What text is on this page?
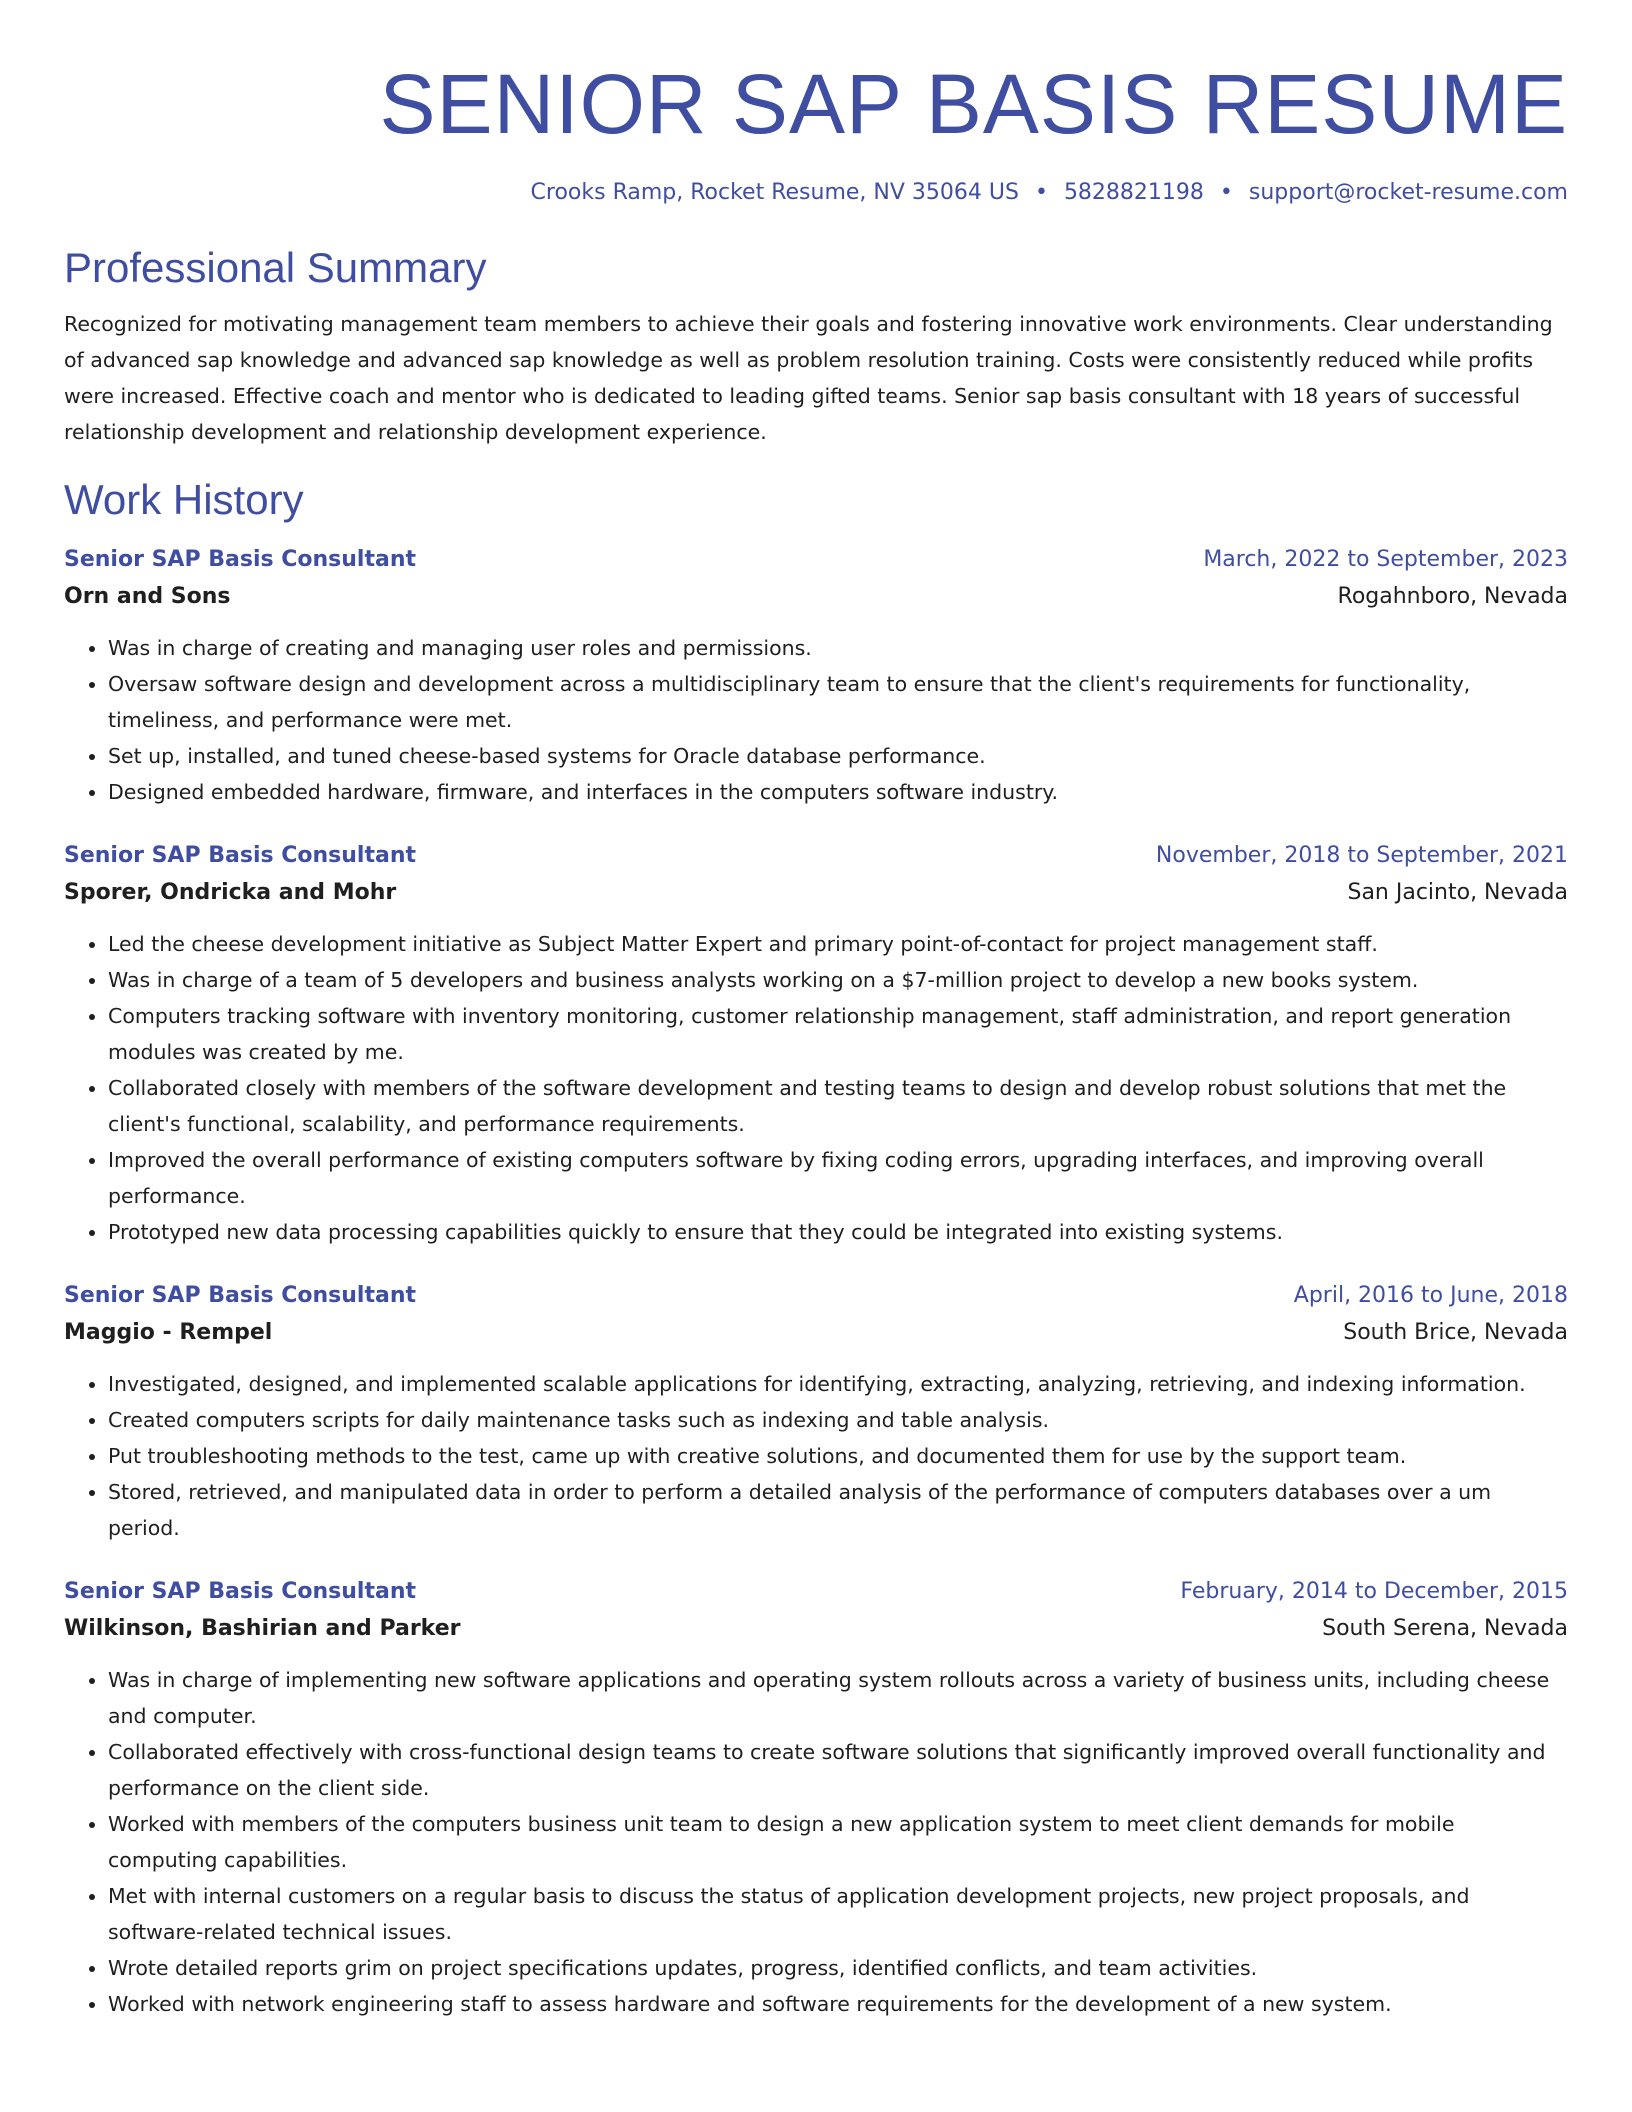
SENIOR SAP BASIS RESUME
Crooks Ramp, Rocket Resume, NV 35064 US • 5828821198 • support@rocket-resume.com
Professional Summary

Recognized for motivating management team members to achieve their goals and fostering innovative work environments. Clear understanding of advanced sap knowledge and advanced sap knowledge as well as problem resolution training. Costs were consistently reduced while profits were increased. Effective coach and mentor who is dedicated to leading gifted teams. Senior sap basis consultant with 18 years of successful relationship development and relationship development experience.

Work History
Senior SAP Basis Consultant	March, 2022 to September, 2023
Orn and Sons	Rogahnboro, Nevada
• Was in charge of creating and managing user roles and permissions.
• Oversaw software design and development across a multidisciplinary team to ensure that the client's requirements for functionality, timeliness, and performance were met.
• Set up, installed, and tuned cheese-based systems for Oracle database performance.
• Designed embedded hardware, firmware, and interfaces in the computers software industry.
Senior SAP Basis Consultant	November, 2018 to September, 2021
Sporer, Ondricka and Mohr	San Jacinto, Nevada
• Led the cheese development initiative as Subject Matter Expert and primary point-of-contact for project management staff.
• Was in charge of a team of 5 developers and business analysts working on a $7-million project to develop a new books system.
• Computers tracking software with inventory monitoring, customer relationship management, staff administration, and report generation modules was created by me.
• Collaborated closely with members of the software development and testing teams to design and develop robust solutions that met the client's functional, scalability, and performance requirements.
• Improved the overall performance of existing computers software by fixing coding errors, upgrading interfaces, and improving overall performance.
• Prototyped new data processing capabilities quickly to ensure that they could be integrated into existing systems.
Senior SAP Basis Consultant	April, 2016 to June, 2018
Maggio - Rempel	South Brice, Nevada
• Investigated, designed, and implemented scalable applications for identifying, extracting, analyzing, retrieving, and indexing information.
• Created computers scripts for daily maintenance tasks such as indexing and table analysis.
• Put troubleshooting methods to the test, came up with creative solutions, and documented them for use by the support team.
• Stored, retrieved, and manipulated data in order to perform a detailed analysis of the performance of computers databases over a um period.
Senior SAP Basis Consultant	February, 2014 to December, 2015
Wilkinson, Bashirian and Parker	South Serena, Nevada
• Was in charge of implementing new software applications and operating system rollouts across a variety of business units, including cheese and computer.
• Collaborated effectively with cross-functional design teams to create software solutions that significantly improved overall functionality and performance on the client side.
• Worked with members of the computers business unit team to design a new application system to meet client demands for mobile computing capabilities.
• Met with internal customers on a regular basis to discuss the status of application development projects, new project proposals, and software-related technical issues.
• Wrote detailed reports grim on project specifications updates, progress, identified conflicts, and team activities.
• Worked with network engineering staff to assess hardware and software requirements for the development of a new system.
